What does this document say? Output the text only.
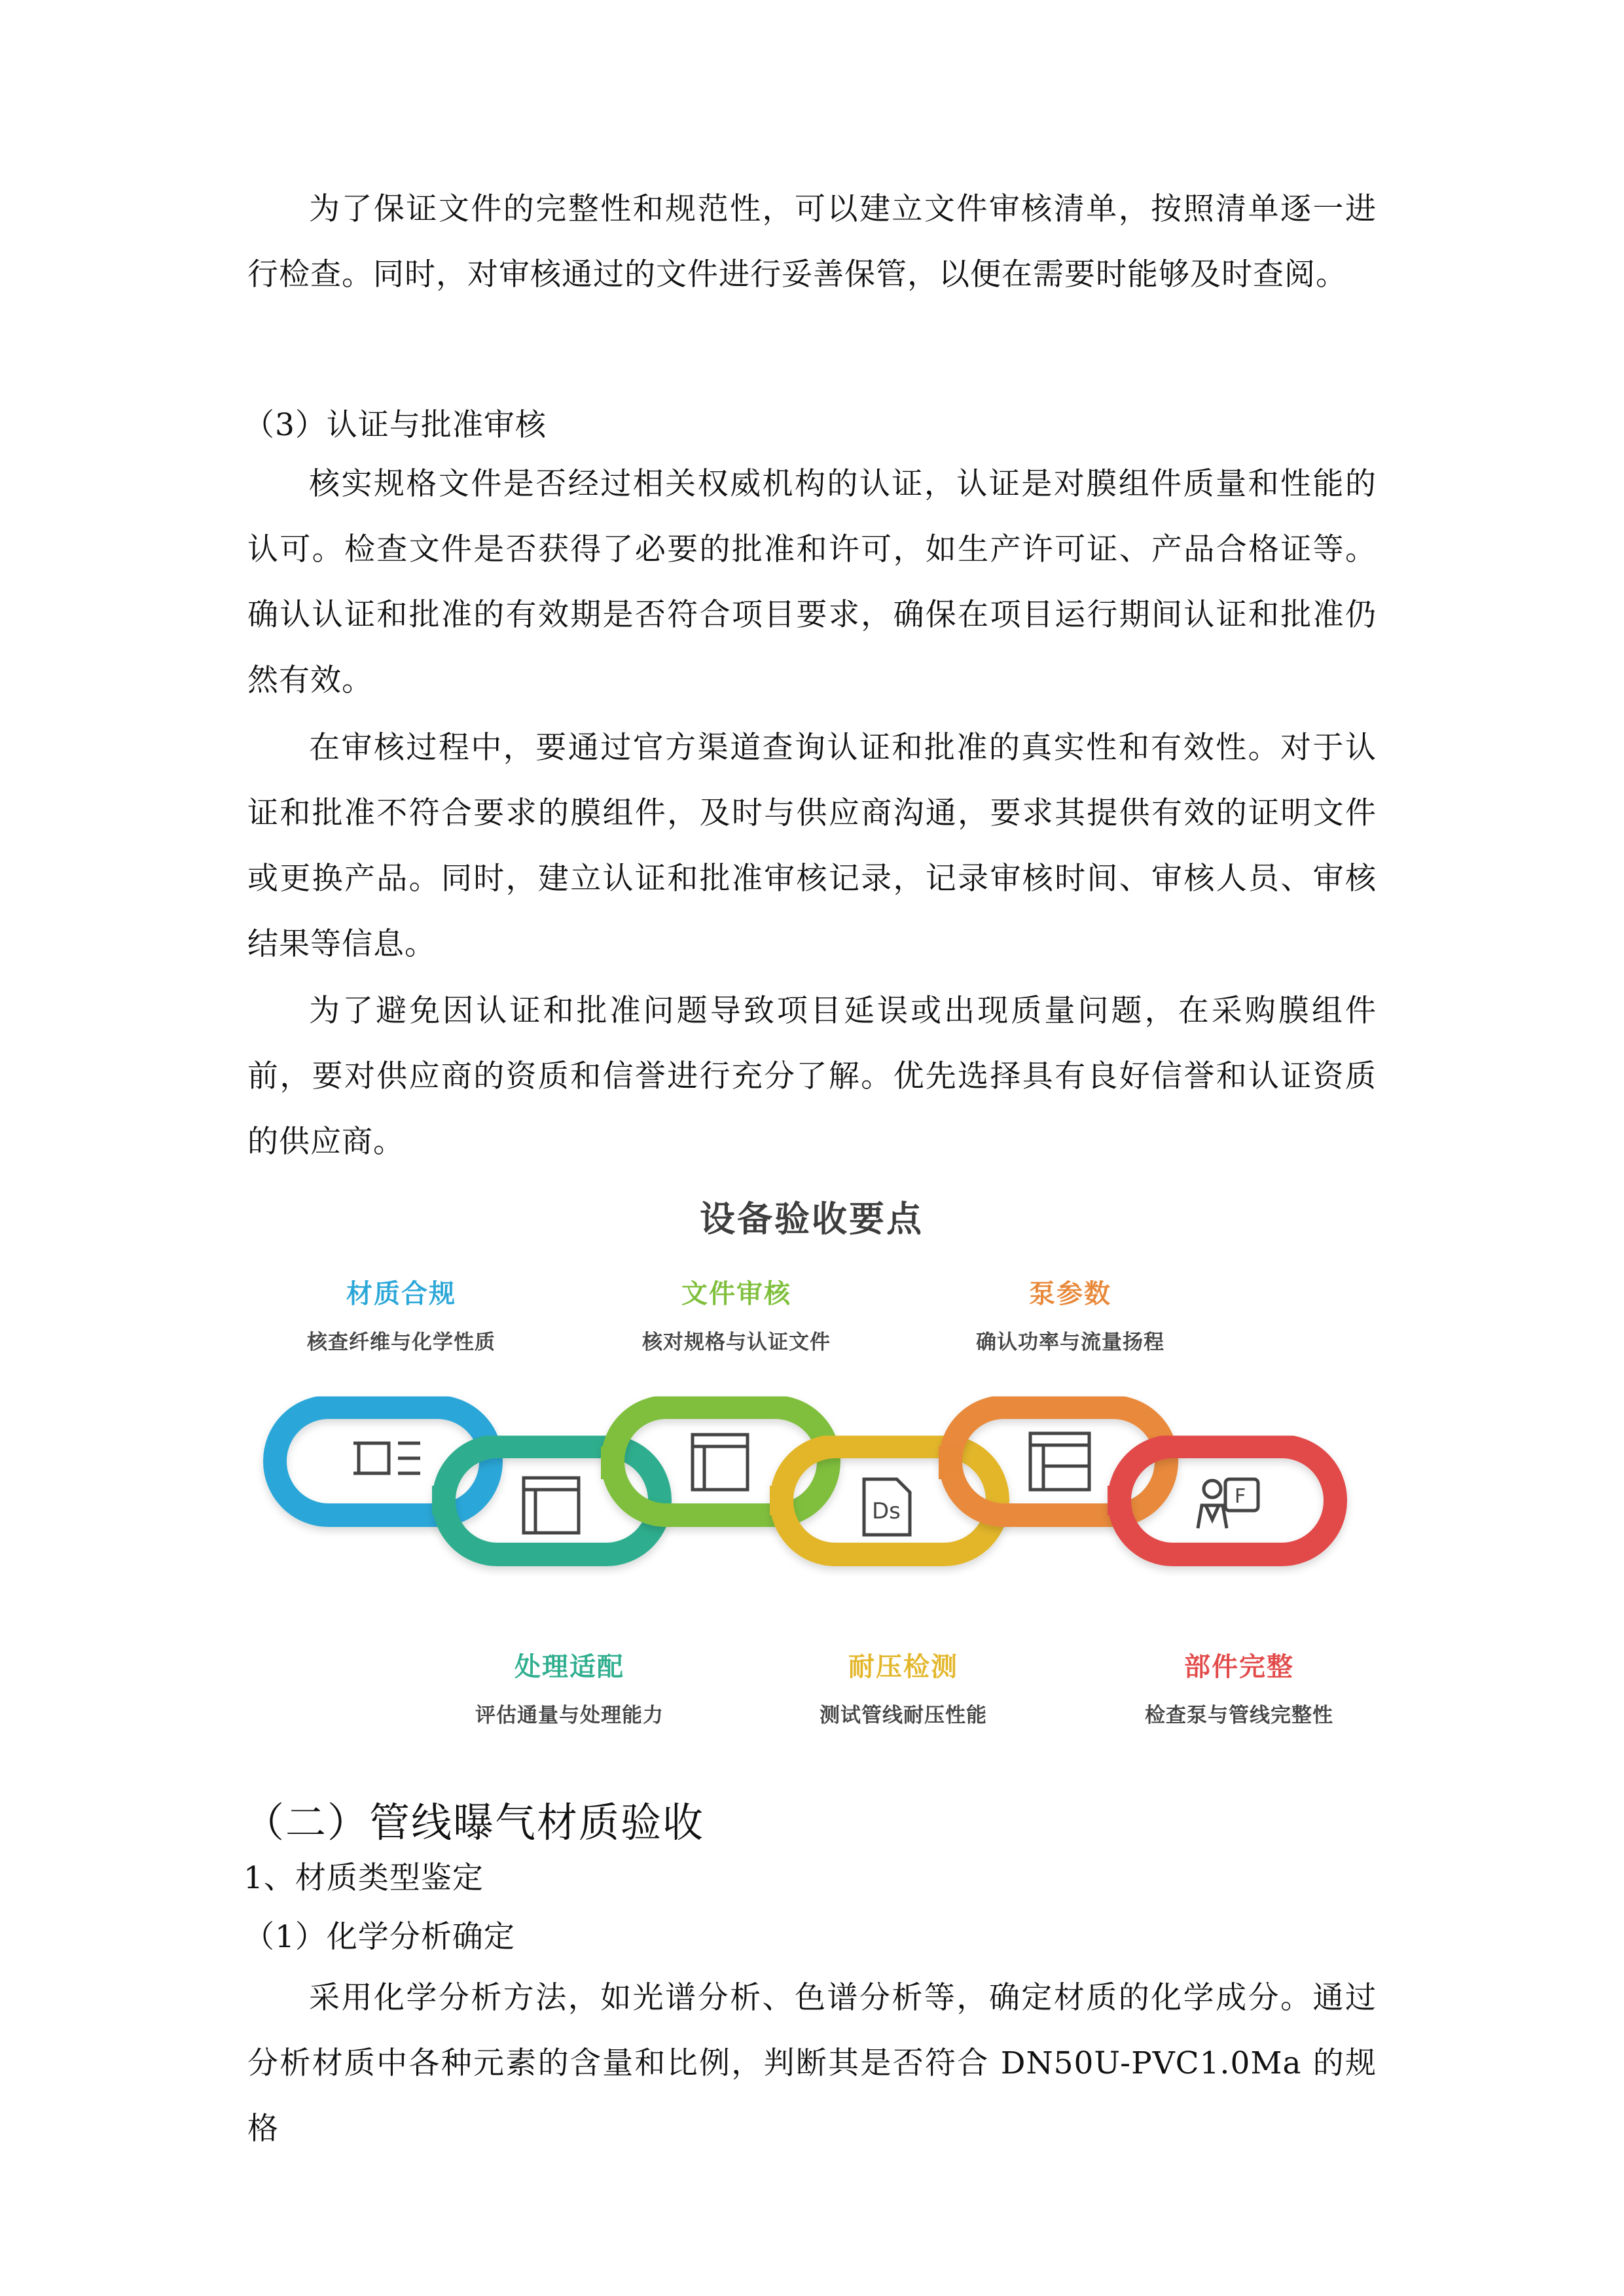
为了保证文件的完整性和规范性，可以建立文件审核清单，按照清单逐一进行检查。同时，对审核通过的文件进行妥善保管，以便在需要时能够及时查阅。

（3）认证与批准审核

核实规格文件是否经过相关权威机构的认证，认证是对膜组件质量和性能的认可。检查文件是否获得了必要的批准和许可，如生产许可证、产品合格证等。确认认证和批准的有效期是否符合项目要求，确保在项目运行期间认证和批准仍然有效。

在审核过程中，要通过官方渠道查询认证和批准的真实性和有效性。对于认证和批准不符合要求的膜组件，及时与供应商沟通，要求其提供有效的证明文件或更换产品。同时，建立认证和批准审核记录，记录审核时间、审核人员、审核结果等信息。

为了避免因认证和批准问题导致项目延误或出现质量问题，在采购膜组件前，要对供应商的资质和信誉进行充分了解。优先选择具有良好信誉和认证资质的供应商。

设备验收要点

材质合规

核查纤维与化学性质

文件审核

核对规格与认证文件

泵参数

确认功率与流量扬程

Ds
F

处理适配

评估通量与处理能力

耐压检测

测试管线耐压性能

部件完整

检查泵与管线完整性

（二）管线曝气材质验收

1、材质类型鉴定

（1）化学分析确定

采用化学分析方法，如光谱分析、色谱分析等，确定材质的化学成分。通过分析材质中各种元素的含量和比例，判断其是否符合 DN50U-PVC1.0Ma 的规格
